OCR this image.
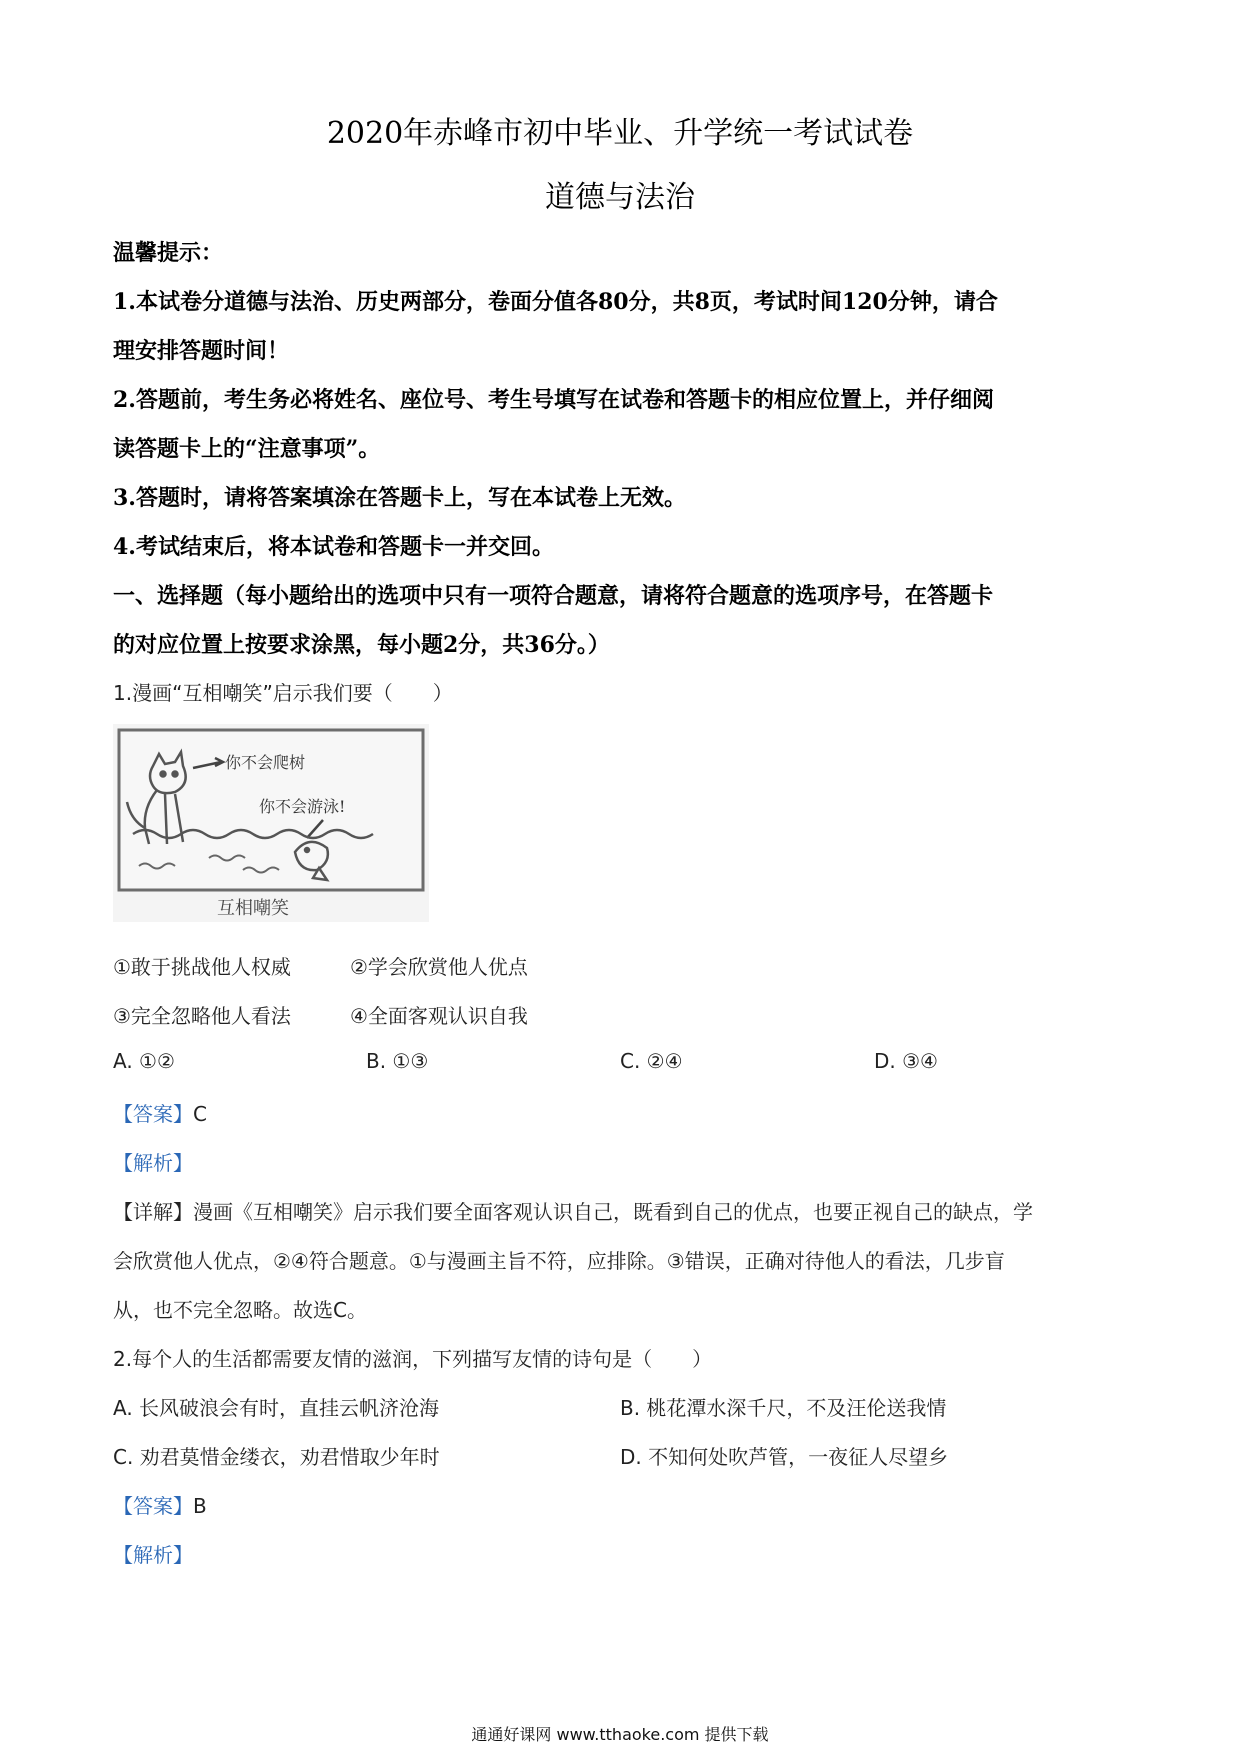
2020年赤峰市初中毕业、升学统一考试试卷
道德与法治
温馨提示：
1.本试卷分道德与法治、历史两部分，卷面分值各80分，共8页，考试时间120分钟，请合
理安排答题时间！
2.答题前，考生务必将姓名、座位号、考生号填写在试卷和答题卡的相应位置上，并仔细阅
读答题卡上的“注意事项”。
3.答题时，请将答案填涂在答题卡上，写在本试卷上无效。
4.考试结束后，将本试卷和答题卡一并交回。
一、选择题（每小题给出的选项中只有一项符合题意，请将符合题意的选项序号，在答题卡
的对应位置上按要求涂黑，每小题2分，共36分。）
1.漫画“互相嘲笑”启示我们要（　　）
你不会爬树
你不会游泳!
互相嘲笑
①敢于挑战他人权威	②学会欣赏他人优点
③完全忽略他人看法	④全面客观认识自我
A. ①②	B. ①③	C. ②④	D. ③④
【答案】C
【解析】
【详解】漫画《互相嘲笑》启示我们要全面客观认识自己，既看到自己的优点，也要正视自己的缺点，学
会欣赏他人优点，②④符合题意。①与漫画主旨不符，应排除。③错误，正确对待他人的看法，几步盲
从，也不完全忽略。故选C。
2.每个人的生活都需要友情的滋润，下列描写友情的诗句是（　　）
A. 长风破浪会有时，直挂云帆济沧海	B. 桃花潭水深千尺，不及汪伦送我情
C. 劝君莫惜金缕衣，劝君惜取少年时	D. 不知何处吹芦管，一夜征人尽望乡
【答案】B
【解析】
通通好课网 www.tthaoke.com 提供下载
